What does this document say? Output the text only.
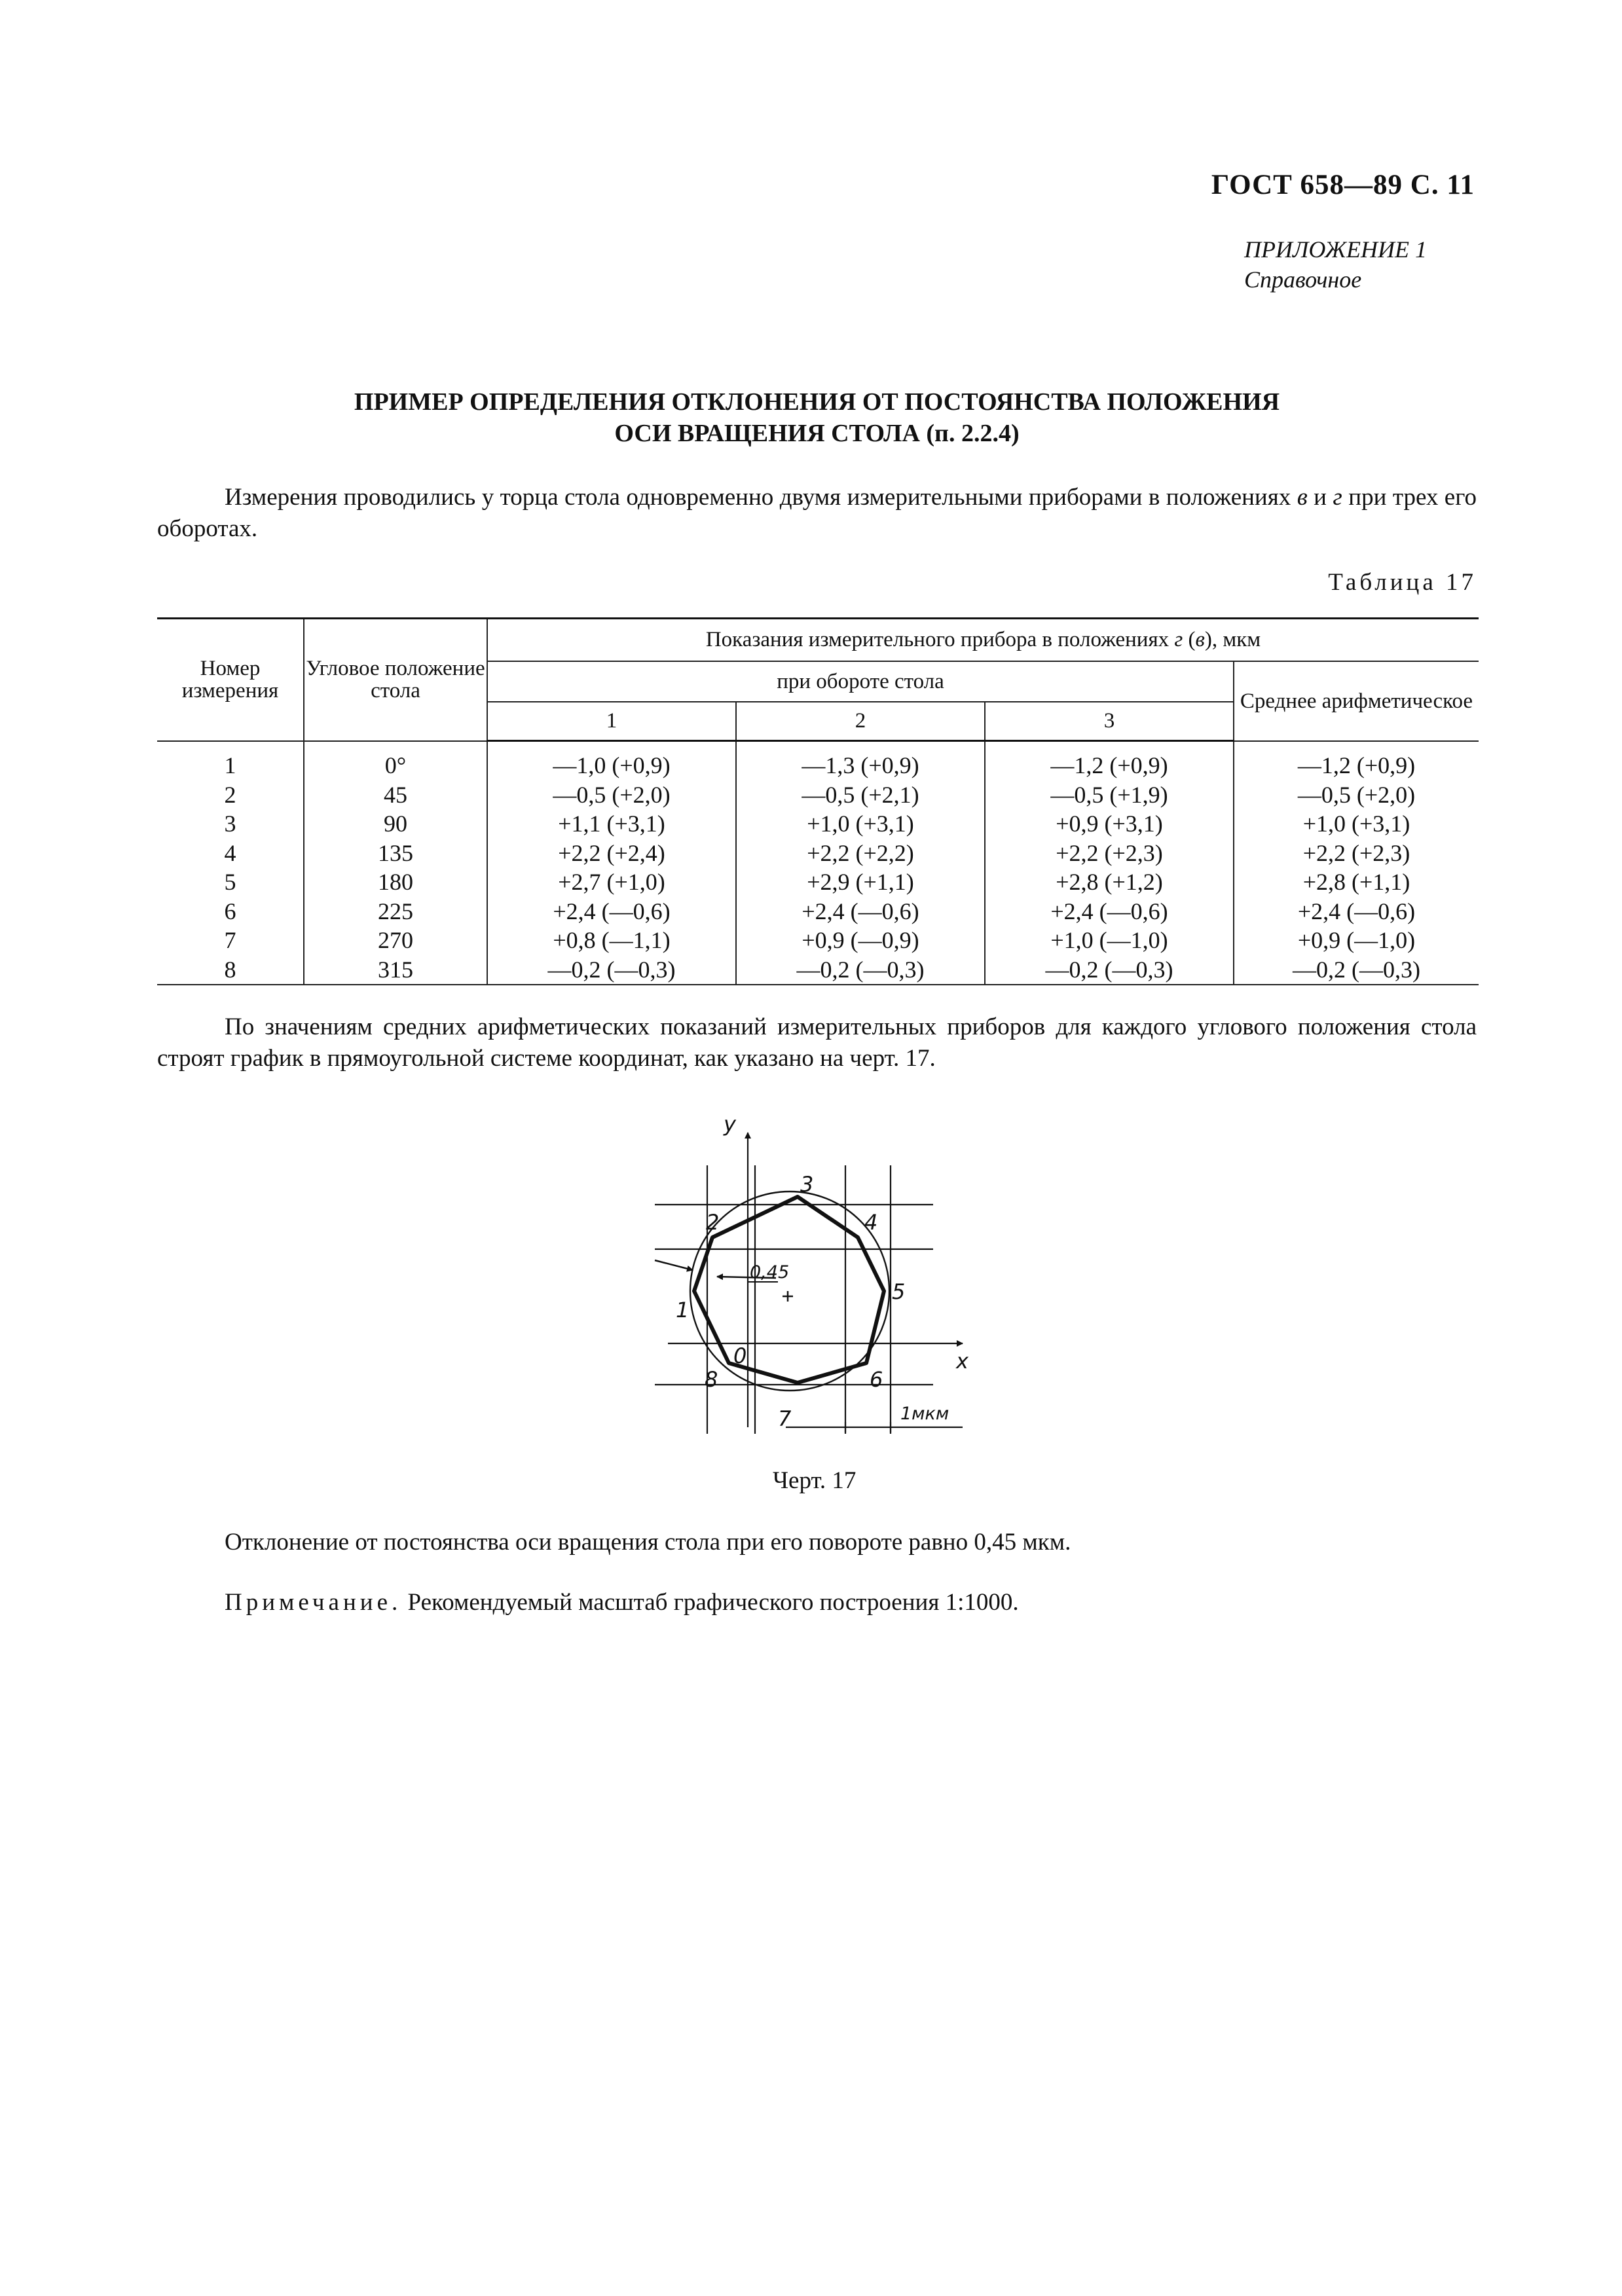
ГОСТ 658—89 С. 11
ПРИЛОЖЕНИЕ 1
Справочное
ПРИМЕР ОПРЕДЕЛЕНИЯ ОТКЛОНЕНИЯ ОТ ПОСТОЯНСТВА ПОЛОЖЕНИЯ
ОСИ ВРАЩЕНИЯ СТОЛА (п. 2.2.4)
Измерения проводились у торца стола одновременно двумя измерительными приборами в положениях в и г при трех его оборотах.
Таблица 17
Номер измерения	Угловое положение стола	Показания измерительного прибора в положениях г (в), мкм			
		при обороте стола			Среднее арифметическое
		1	2	3	
1	0°	—1,0 (+0,9)	—1,3 (+0,9)	—1,2 (+0,9)	—1,2 (+0,9)
2	45	—0,5 (+2,0)	—0,5 (+2,1)	—0,5 (+1,9)	—0,5 (+2,0)
3	90	+1,1 (+3,1)	+1,0 (+3,1)	+0,9 (+3,1)	+1,0 (+3,1)
4	135	+2,2 (+2,4)	+2,2 (+2,2)	+2,2 (+2,3)	+2,2 (+2,3)
5	180	+2,7 (+1,0)	+2,9 (+1,1)	+2,8 (+1,2)	+2,8 (+1,1)
6	225	+2,4 (—0,6)	+2,4 (—0,6)	+2,4 (—0,6)	+2,4 (—0,6)
7	270	+0,8 (—1,1)	+0,9 (—0,9)	+1,0 (—1,0)	+0,9 (—1,0)
8	315	—0,2 (—0,3)	—0,2 (—0,3)	—0,2 (—0,3)	—0,2 (—0,3)
По значениям средних арифметических показаний измерительных приборов для каждого углового положения стола строят график в прямоугольной системе координат, как указано на черт. 17.
y
x
0,45
1мкм
1
2
3
4
5
6
7
8
0
Черт. 17
Отклонение от постоянства оси вращения стола при его повороте равно 0,45 мкм.
Примечание. Рекомендуемый масштаб графического построения 1:1000.
